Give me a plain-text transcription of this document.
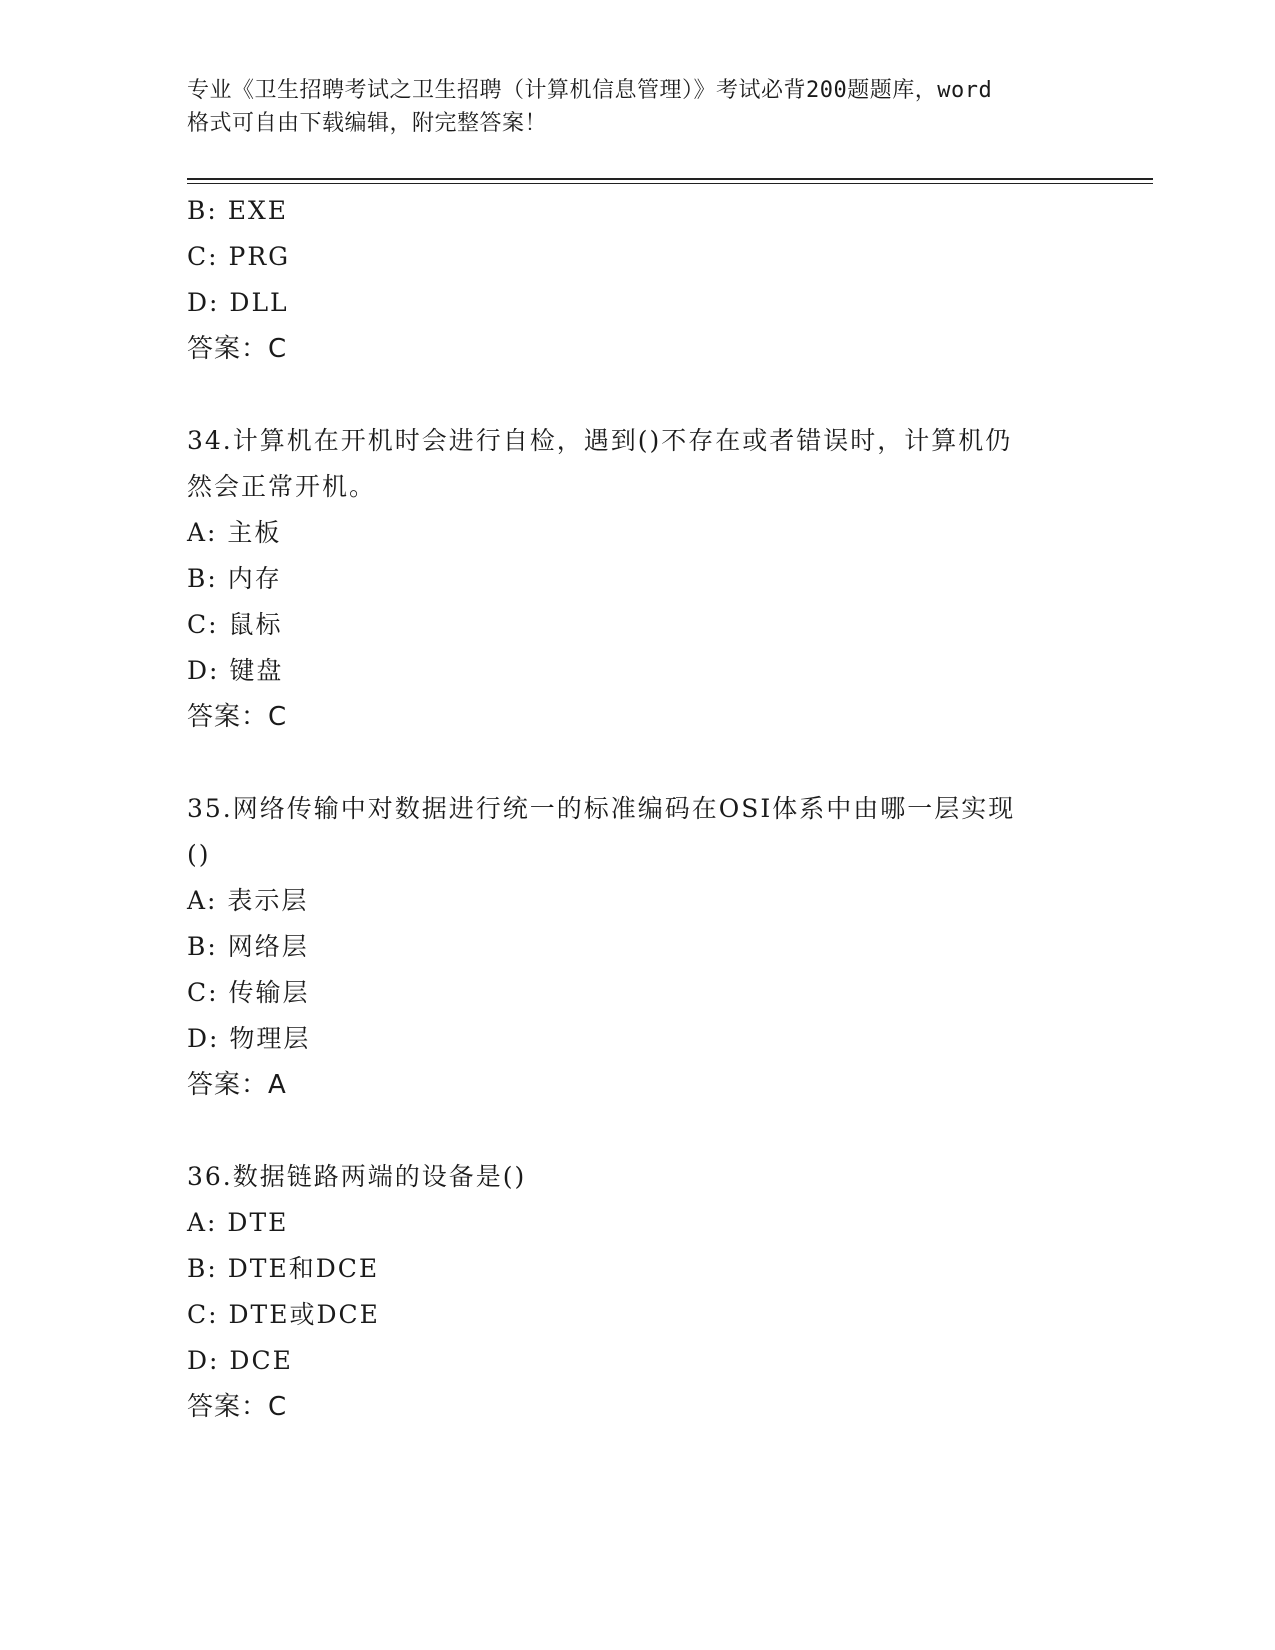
专业《卫生招聘考试之卫生招聘（计算机信息管理）》考试必背200题题库，word
格式可自由下载编辑，附完整答案！
B: EXE
C: PRG
D: DLL
答案：C
34.计算机在开机时会进行自检，遇到()不存在或者错误时，计算机仍
然会正常开机。
A: 主板
B: 内存
C: 鼠标
D: 键盘
答案：C
35.网络传输中对数据进行统一的标准编码在OSI体系中由哪一层实现
()
A: 表示层
B: 网络层
C: 传输层
D: 物理层
答案：A
36.数据链路两端的设备是()
A: DTE
B: DTE和DCE
C: DTE或DCE
D: DCE
答案：C
